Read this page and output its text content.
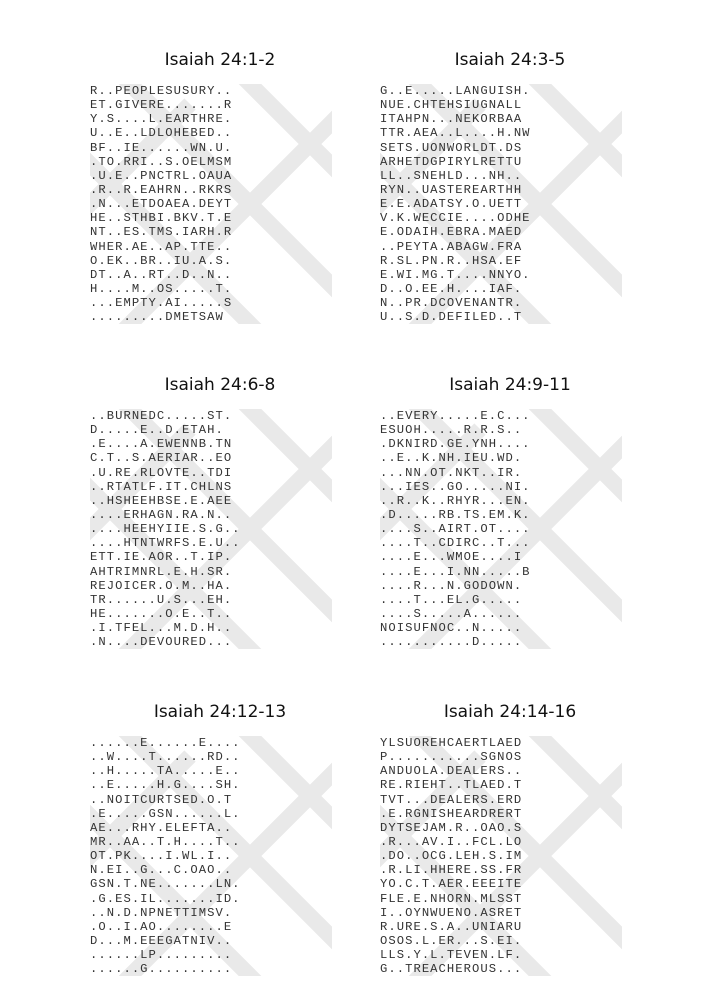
Isaiah 24:1-2
R..PEOPLESUSURY..
ET.GIVERE.......R
Y.S....L.EARTHRE.
U..E..LDLOHEBED..
BF..IE......WN.U.
.TO.RRI..S.OELMSM
.U.E..PNCTRL.OAUA
.R..R.EAHRN..RKRS
.N...ETDOAEA.DEYT
HE..STHBI.BKV.T.E
NT..ES.TMS.IARH.R
WHER.AE..AP.TTE..
O.EK..BR..IU.A.S.
DT..A..RT..D..N..
H....M..OS.....T.
...EMPTY.AI.....S
.........DMETSAW
Isaiah 24:3-5
G..E.....LANGUISH.
NUE.CHTEHSIUGNALL
ITAHPN...NEKORBAA
TTR.AEA..L....H.NW
SETS.UONWORLDT.DS
ARHETDGPIRYLRETTU
LL..SNEHLD...NH..
RYN..UASTEREARTHH
E.E.ADATSY.O.UETT
V.K.WECCIE....ODHE
E.ODAIH.EBRA.MAED
..PEYTA.ABAGW.FRA
R.SL.PN.R..HSA.EF
E.WI.MG.T....NNYO.
D..O.EE.H....IAF.
N..PR.DCOVENANTR.
U..S.D.DEFILED..T
Isaiah 24:6-8
..BURNEDC.....ST.
D.....E..D.ETAH.
.E....A.EWENNB.TN
C.T..S.AERIAR..EO
.U.RE.RLOVTE..TDI
..RTATLF.IT.CHLNS
..HSHEEHBSE.E.AEE
....ERHAGN.RA.N..
....HEEHYIIE.S.G..
....HTNTWRFS.E.U..
ETT.IE.AOR..T.IP.
AHTRIMNRL.E.H.SR.
REJOICER.O.M..HA.
TR......U.S...EH.
HE.......O.E..T..
.I.TFEL...M.D.H..
.N....DEVOURED...
Isaiah 24:9-11
..EVERY.....E.C...
ESUOH.....R.R.S..
.DKNIRD.GE.YNH....
..E..K.NH.IEU.WD.
...NN.OT.NKT..IR.
...IES..GO.....NI.
..R..K..RHYR...EN.
.D.....RB.TS.EM.K.
....S..AIRT.OT....
....T..CDIRC..T...
....E...WMOE....I
....E...I.NN.....B
....R...N.GODOWN.
....T...EL.G.....
....S.....A......
NOISUFNOC..N.....
...........D.....
Isaiah 24:12-13
......E......E....
..W....T......RD..
..H.....TA.....E..
..E.....H.G....SH.
..NOITCURTSED.O.T
.E.....GSN......L.
AE...RHY.ELEFTA..
MR..AA..T.H....T..
OT.PK....I.WL.I..
N.EI..G...C.OAO..
GSN.T.NE.......LN.
.G.ES.IL.......ID.
..N.D.NPNETTIMSV.
.O..I.AO........E
D...M.EEEGATNIV..
......LP.........
......G..........
Isaiah 24:14-16
YLSUOREHCAERTLAED
P...........SGNOS
ANDUOLA.DEALERS..
RE.RIEHT..TLAED.T
TVT...DEALERS.ERD
.E.RGNISHEARDRERT
DYTSEJAM.R..OAO.S
.R...AV.I..FCL.LO
.DO..OCG.LEH.S.IM
.R.LI.HHERE.SS.FR
YO.C.T.AER.EEEITE
FLE.E.NHORN.MLSST
I..OYNWUENO.ASRET
R.URE.S.A..UNIARU
OSOS.L.ER...S.EI.
LLS.Y.L.TEVEN.LF.
G..TREACHEROUS...
